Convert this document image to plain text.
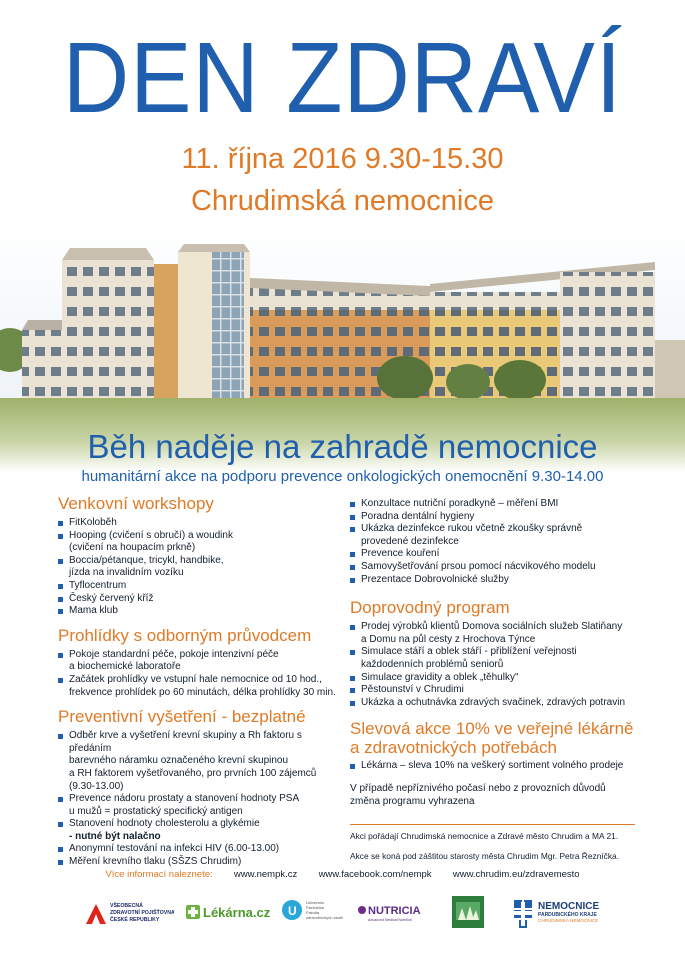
DEN ZDRAVÍ
11. října 2016 9.30-15.30
Chrudimská nemocnice
Běh naděje na zahradě nemocnice
humanitární akce na podporu prevence onkologických onemocnění 9.30-14.00
Venkovní workshopy
FitKoloběh
Hooping (cvičení s obručí) a woudink
(cvičení na houpacím prkně)
Boccia/pétanque, tricykl, handbike,
jízda na invalidním vozíku
Tyflocentrum
Český červený kříž
Mama klub
Prohlídky s odborným průvodcem
Pokoje standardní péče, pokoje intenzivní péče
a biochemické laboratoře
Začátek prohlídky ve vstupní hale nemocnice od 10 hod.,
frekvence prohlídek po 60 minutách, délka prohlídky 30 min.
Preventivní vyšetření - bezplatné
Odběr krve a vyšetření krevní skupiny a Rh faktoru s předáním
barevného náramku označeného krevní skupinou
a RH faktorem vyšetřovaného, pro prvních 100 zájemců
(9.30-13.00)
Prevence nádoru prostaty a stanovení hodnoty PSA
u mužů = prostatický specifický antigen
Stanovení hodnoty cholesterolu a glykémie
- nutné být nalačno
Anonymní testování na infekci HIV (6.00-13.00)
Měření krevního tlaku (SŠZS Chrudim)
Konzultace nutriční poradkyně – měření BMI
Poradna dentální hygieny
Ukázka dezinfekce rukou včetně zkoušky správně
provedené dezinfekce
Prevence kouření
Samovyšetřování prsou pomocí nácvikového modelu
Prezentace Dobrovolnické služby
Doprovodný program
Prodej výrobků klientů Domova sociálních služeb Slatiňany
a Domu na půl cesty z Hrochova Týnce
Simulace stáří a oblek stáří - přiblížení veřejnosti
každodenních problémů seniorů
Simulace gravidity a oblek „těhulky"
Pěstounství v Chrudimi
Ukázka a ochutnávka zdravých svačinek, zdravých potravin
Slevová akce 10% ve veřejné lékárně
a zdravotnických potřebách
Lékárna – sleva 10% na veškerý sortiment volného prodeje
V případě nepříznivého počasí nebo z provozních důvodů
změna programu vyhrazena

Akci pořádají Chrudimská nemocnice a Zdravé město Chrudim a MA 21.

Akce se koná pod záštitou starosty města Chrudim Mgr. Petra Řezníčka.

Více informací naleznete: www.nempk.cz www.facebook.com/nempk www.chrudim.eu/zdravemesto
VŠEOBECNÁ
ZDRAVOTNÍ POJIŠŤOVNA
ČESKÉ REPUBLIKY	Lékárna.cz U
Univerzita
Pardubice
Fakulta
zdravotnických studií
NUTRICIA
Advanced Medical Nutrition
NEMOCNICE
PARDUBICKÉHO KRAJE
CHRUDIMSKÁ NEMOCNICE
